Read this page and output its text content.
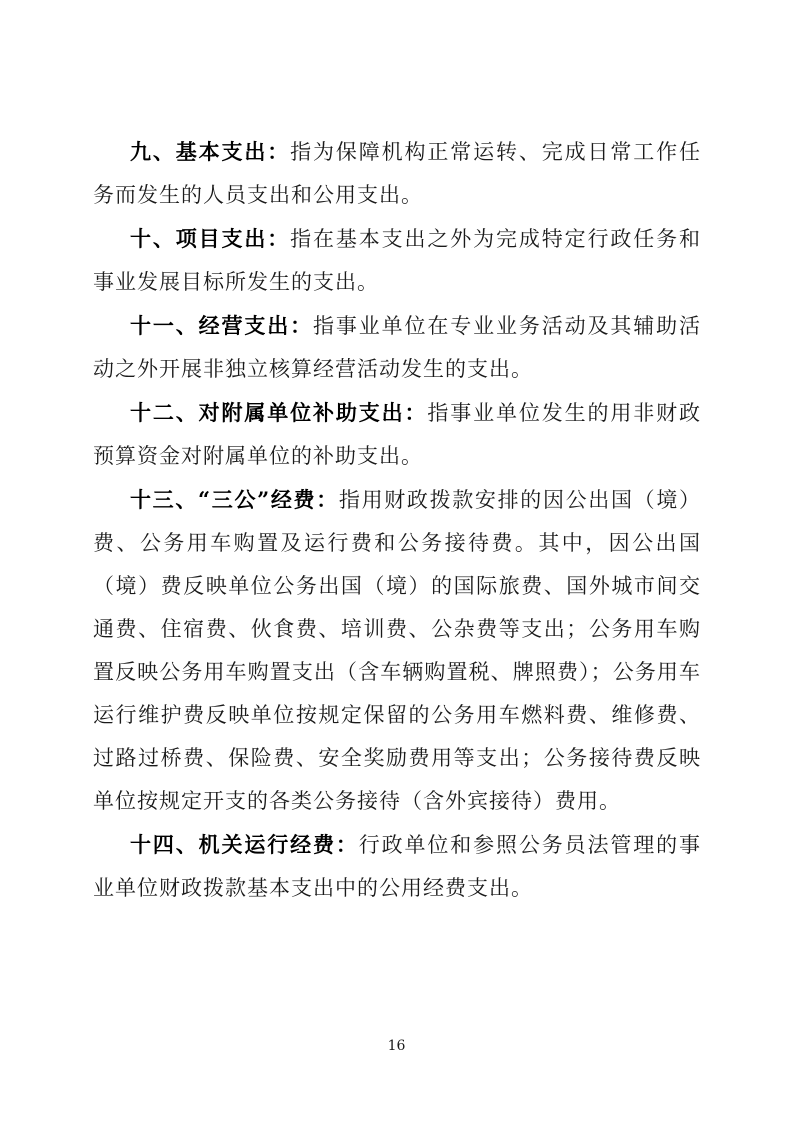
九、基本支出：指为保障机构正常运转、完成日常工作任务而发生的人员支出和公用支出。

十、项目支出：指在基本支出之外为完成特定行政任务和事业发展目标所发生的支出。

十一、经营支出：指事业单位在专业业务活动及其辅助活动之外开展非独立核算经营活动发生的支出。

十二、对附属单位补助支出：指事业单位发生的用非财政预算资金对附属单位的补助支出。

十三、“三公”经费：指用财政拨款安排的因公出国（境）费、公务用车购置及运行费和公务接待费。其中，因公出国（境）费反映单位公务出国（境）的国际旅费、国外城市间交通费、住宿费、伙食费、培训费、公杂费等支出；公务用车购置反映公务用车购置支出（含车辆购置税、牌照费）；公务用车运行维护费反映单位按规定保留的公务用车燃料费、维修费、过路过桥费、保险费、安全奖励费用等支出；公务接待费反映单位按规定开支的各类公务接待（含外宾接待）费用。

十四、机关运行经费：行政单位和参照公务员法管理的事业单位财政拨款基本支出中的公用经费支出。

16
